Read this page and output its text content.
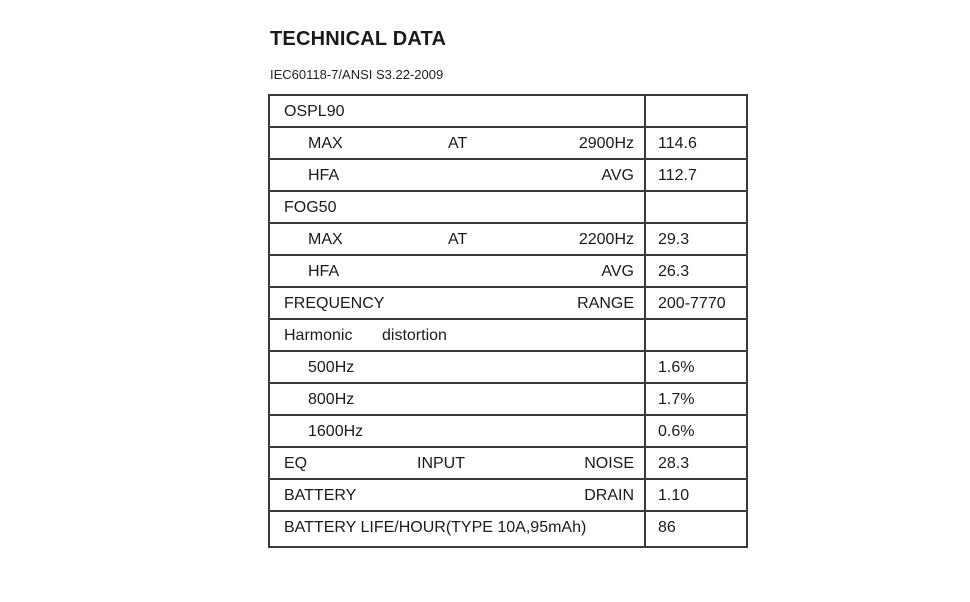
TECHNICAL DATA
IEC60118-7/ANSI S3.22-2009
OSPL90
MAX	AT	2900Hz 114.6
HFA	AVG 112.7
FOG50
MAX	AT	2200Hz 29.3
HFA	AVG 26.3
FREQUENCY	RANGE 200-7770
Harmonic distortion
500Hz	1.6%
800Hz	1.7%
1600Hz	0.6%
EQ	INPUT	NOISE 28.3
BATTERY	DRAIN 1.10
BATTERY LIFE/HOUR(TYPE 10A,95mAh)	86
